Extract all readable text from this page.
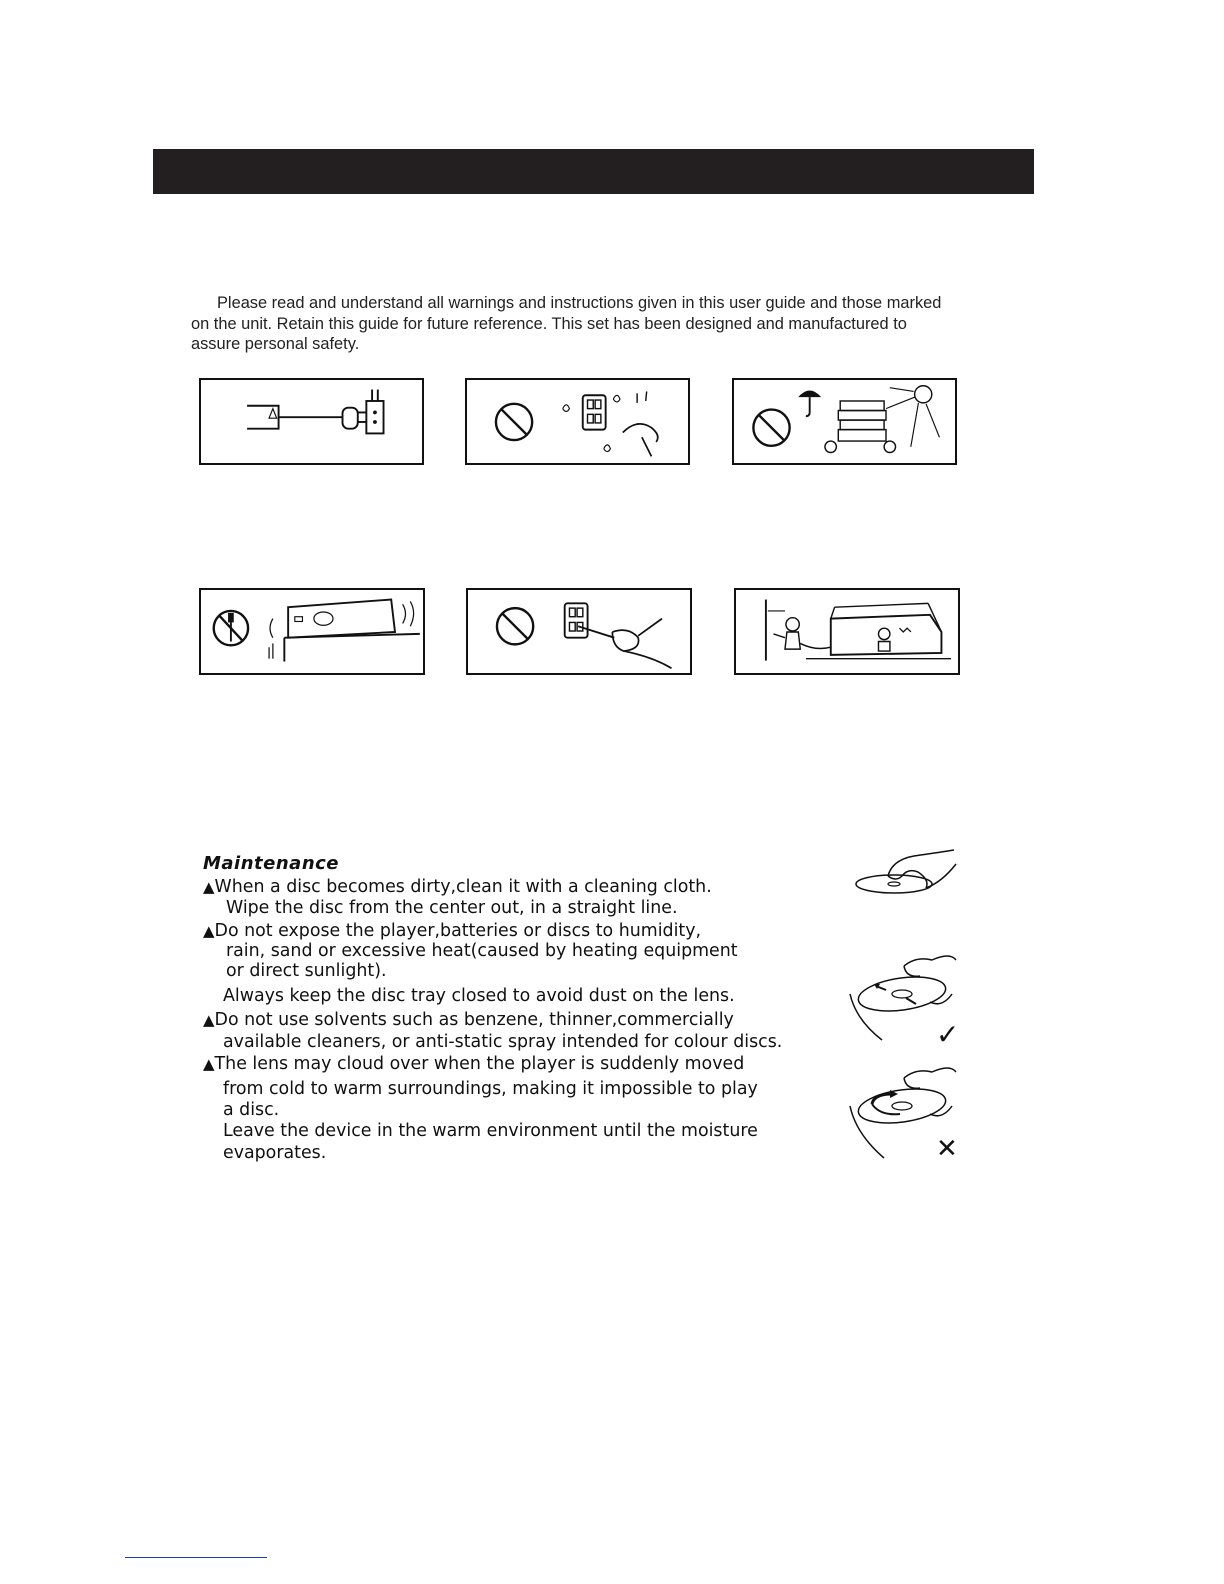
Please read and understand all warnings and instructions given in this user guide and those marked
on the unit. Retain this guide for future reference. This set has been designed and manufactured to
assure personal safety.
Maintenance
▲When a disc becomes dirty,clean it with a cleaning cloth.
Wipe the disc from the center out, in a straight line.
▲Do not expose the player,batteries or discs to humidity,
rain, sand or excessive heat(caused by heating equipment
or direct sunlight).
Always keep the disc tray closed to avoid dust on the lens.
▲Do not use solvents such as benzene, thinner,commercially
available cleaners, or anti-static spray intended for colour discs.
▲The lens may cloud over when the player is suddenly moved
from cold to warm surroundings, making it impossible to play
a disc.
Leave the device in the warm environment until the moisture
evaporates.
✓
✕
